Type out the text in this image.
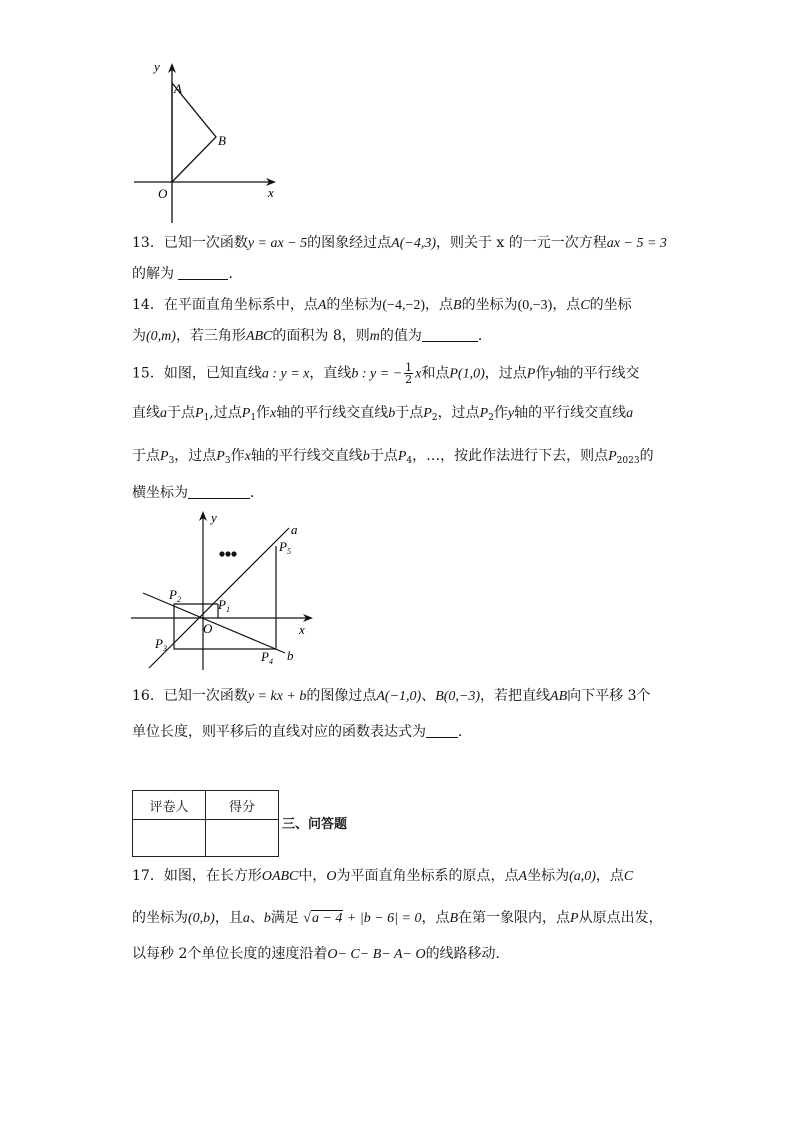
y
x
A
B
O
13．已知一次函数y = ax − 5的图象经过点A(−4,3)，则关于 x 的一元一次方程ax − 5 = 3
的解为	．
14．在平面直角坐标系中，点A的坐标为(−4,−2)，点B的坐标为(0,−3)，点C的坐标
为(0,m)，若三角形ABC的面积为 8，则m的值为	．
15．如图，已知直线a : y = x，直线b : y = − $\frac{1}{2}$ x和点P(1,0)，过点P作y轴的平行线交
直线a于点$P_1$,过点$P_1$作x轴的平行线交直线b于点$P_2$，过点$P_2$作y轴的平行线交直线a
于点$P_3$，过点$P_3$作x轴的平行线交直线b于点$P_4$，…，按此作法进行下去，则点$P_{2023}$的
横坐标为	．
y
x
a
b
O
$P_5$
$P_2$	$P_1$
$P_3$
$P_4$
16．已知一次函数y = kx + b的图像过点A(−1,0)、B(0,−3)，若把直线AB向下平移 3个
单位长度，则平移后的直线对应的函数表达式为 ．
评卷人	得分

三、问答题
17．如图，在长方形OABC中，O为平面直角坐标系的原点，点A坐标为(a,0)，点C
的坐标为(0,b)，且a、b满足 √a − 4 + |b − 6| = 0，点B在第一象限内，点P从原点出发，
以每秒 2个单位长度的速度沿着O− C− B− A− O的线路移动．
